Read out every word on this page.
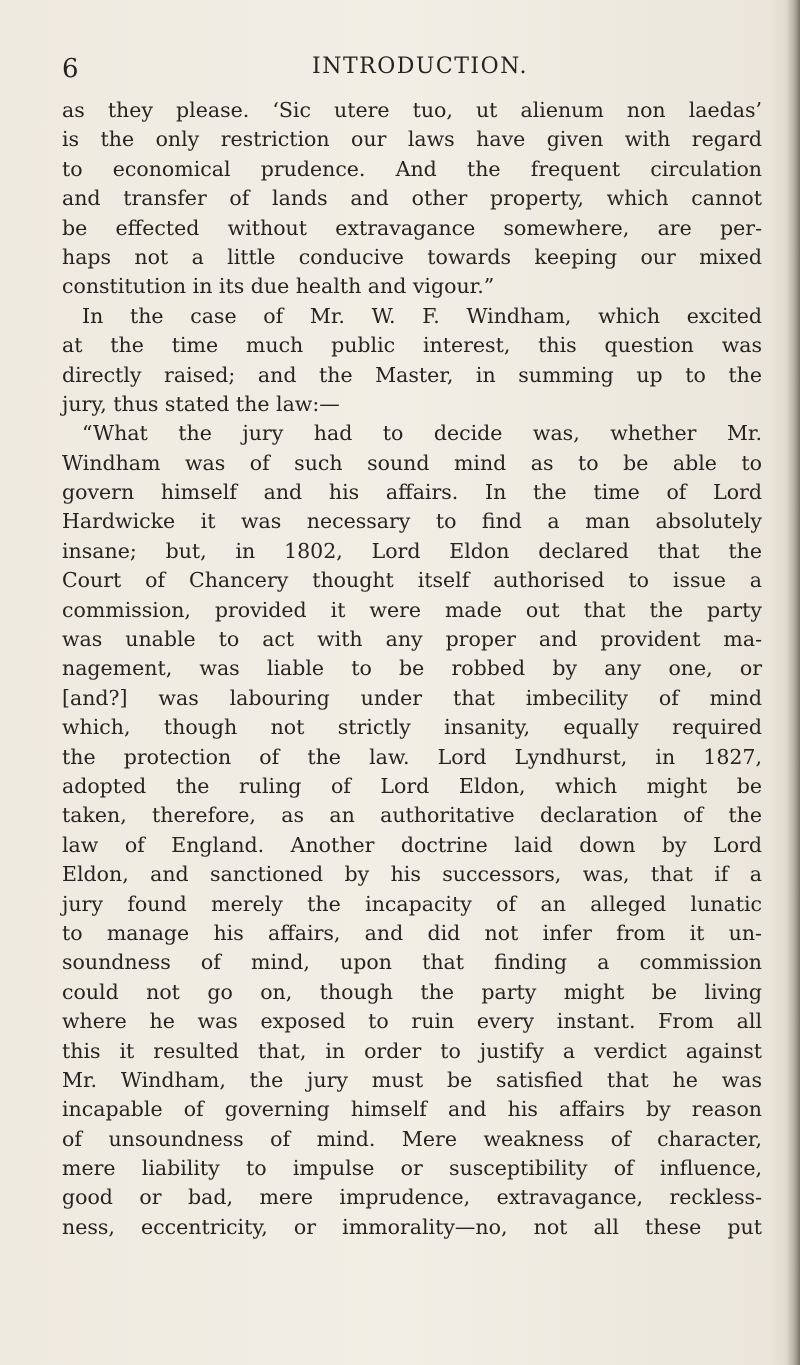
6	INTRODUCTION.
as they please. ‘Sic utere tuo, ut alienum non laedas’
is the only restriction our laws have given with regard
to economical prudence. And the frequent circulation
and transfer of lands and other property, which cannot
be effected without extravagance somewhere, are per-
haps not a little conducive towards keeping our mixed
constitution in its due health and vigour.”
In the case of Mr. W. F. Windham, which excited
at the time much public interest, this question was
directly raised; and the Master, in summing up to the
jury, thus stated the law:—
“What the jury had to decide was, whether Mr.
Windham was of such sound mind as to be able to
govern himself and his affairs. In the time of Lord
Hardwicke it was necessary to find a man absolutely
insane; but, in 1802, Lord Eldon declared that the
Court of Chancery thought itself authorised to issue a
commission, provided it were made out that the party
was unable to act with any proper and provident ma-
nagement, was liable to be robbed by any one, or
[and?] was labouring under that imbecility of mind
which, though not strictly insanity, equally required
the protection of the law. Lord Lyndhurst, in 1827,
adopted the ruling of Lord Eldon, which might be
taken, therefore, as an authoritative declaration of the
law of England. Another doctrine laid down by Lord
Eldon, and sanctioned by his successors, was, that if a
jury found merely the incapacity of an alleged lunatic
to manage his affairs, and did not infer from it un-
soundness of mind, upon that finding a commission
could not go on, though the party might be living
where he was exposed to ruin every instant. From all
this it resulted that, in order to justify a verdict against
Mr. Windham, the jury must be satisfied that he was
incapable of governing himself and his affairs by reason
of unsoundness of mind. Mere weakness of character,
mere liability to impulse or susceptibility of influence,
good or bad, mere imprudence, extravagance, reckless-
ness, eccentricity, or immorality—no, not all these put
